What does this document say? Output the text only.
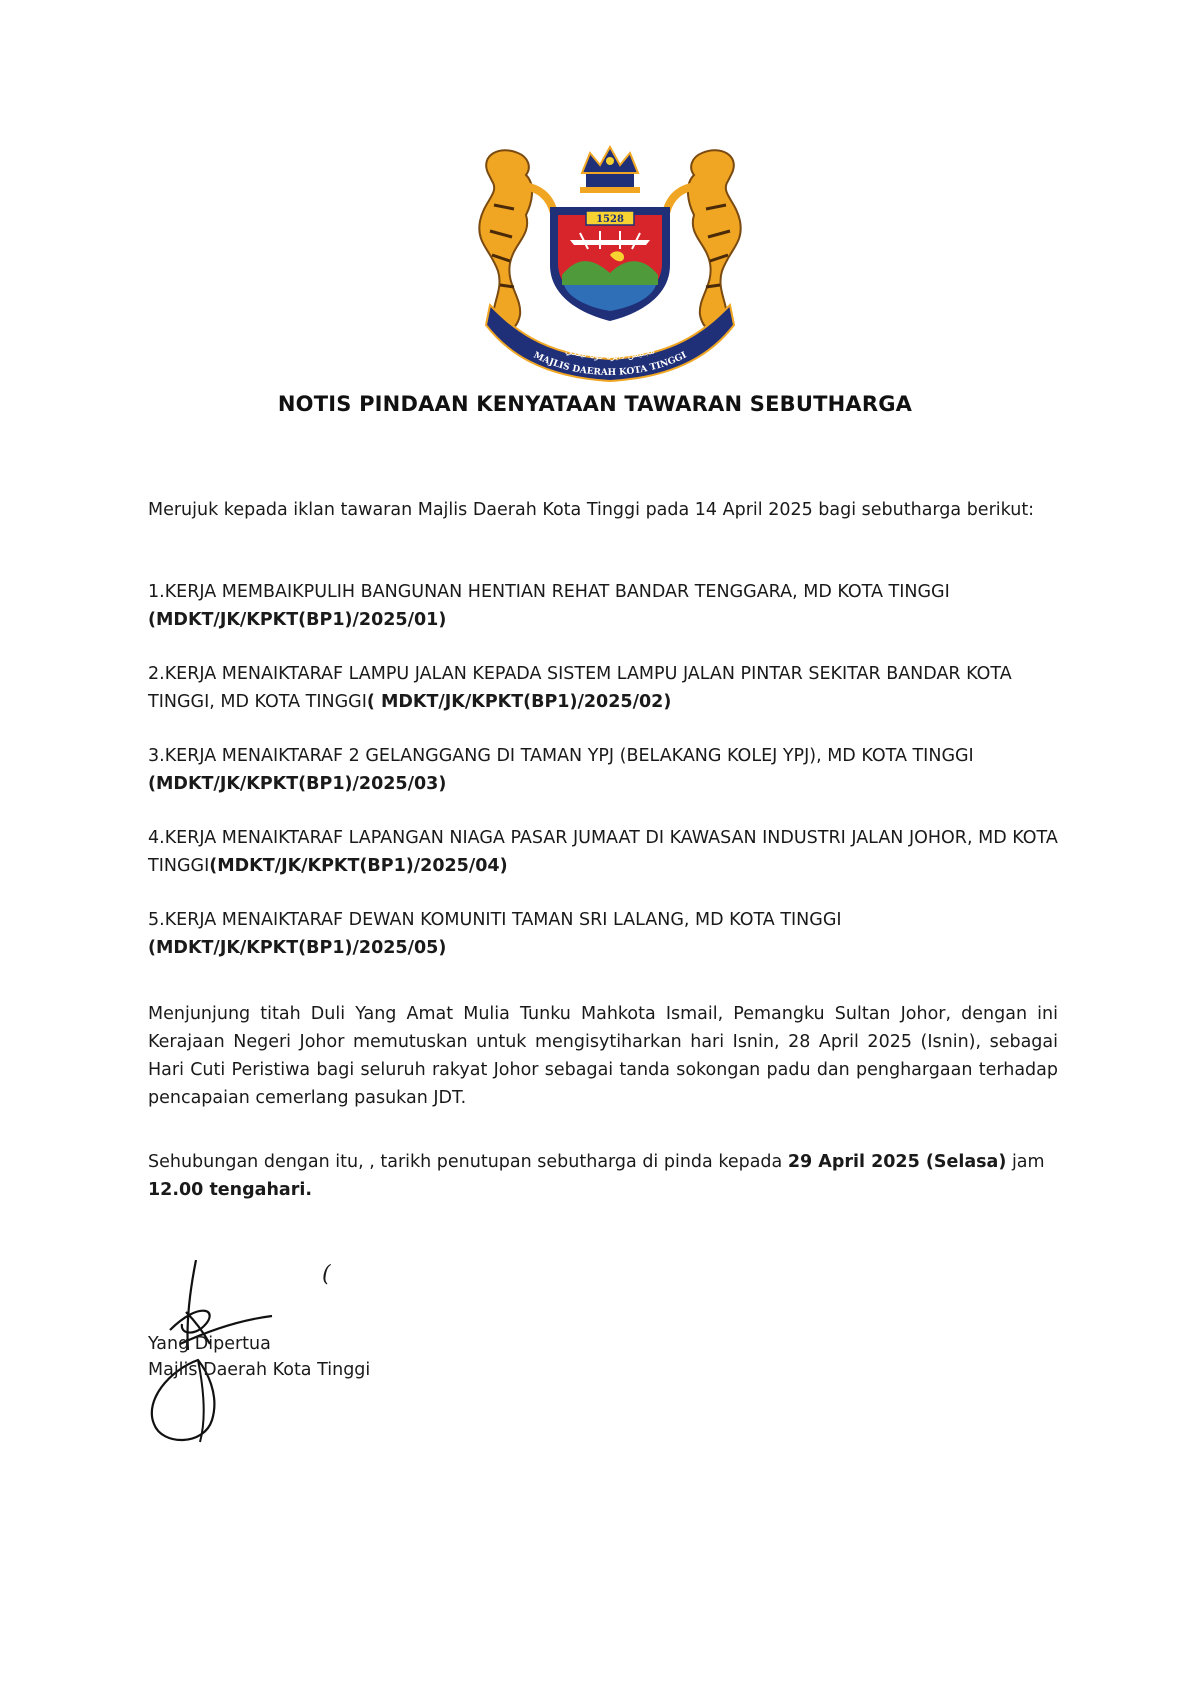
1528
مجليس دايره كوتا تيڠڬي
MAJLIS DAERAH KOTA TINGGI
NOTIS PINDAAN KENYATAAN TAWARAN SEBUTHARGA
Merujuk kepada iklan tawaran Majlis Daerah Kota Tinggi pada 14 April 2025 bagi sebutharga berikut:

1.KERJA MEMBAIKPULIH BANGUNAN HENTIAN REHAT BANDAR TENGGARA, MD KOTA TINGGI
(MDKT/JK/KPKT(BP1)/2025/01)

2.KERJA MENAIKTARAF LAMPU JALAN KEPADA SISTEM LAMPU JALAN PINTAR SEKITAR BANDAR KOTA TINGGI, MD KOTA TINGGI( MDKT/JK/KPKT(BP1)/2025/02)

3.KERJA MENAIKTARAF 2 GELANGGANG DI TAMAN YPJ (BELAKANG KOLEJ YPJ), MD KOTA TINGGI
(MDKT/JK/KPKT(BP1)/2025/03)

4.KERJA MENAIKTARAF LAPANGAN NIAGA PASAR JUMAAT DI KAWASAN INDUSTRI JALAN JOHOR, MD KOTA TINGGI(MDKT/JK/KPKT(BP1)/2025/04)

5.KERJA MENAIKTARAF DEWAN KOMUNITI TAMAN SRI LALANG, MD KOTA TINGGI
(MDKT/JK/KPKT(BP1)/2025/05)

Menjunjung titah Duli Yang Amat Mulia Tunku Mahkota Ismail, Pemangku Sultan Johor, dengan ini Kerajaan Negeri Johor memutuskan untuk mengisytiharkan hari Isnin, 28 April 2025 (Isnin), sebagai Hari Cuti Peristiwa bagi seluruh rakyat Johor sebagai tanda sokongan padu dan penghargaan terhadap pencapaian cemerlang pasukan JDT.
Sehubungan dengan itu, , tarikh penutupan sebutharga di pinda kepada 29 April 2025 (Selasa) jam 12.00 tengahari.
(
Yang Dipertua
Majlis Daerah Kota Tinggi
